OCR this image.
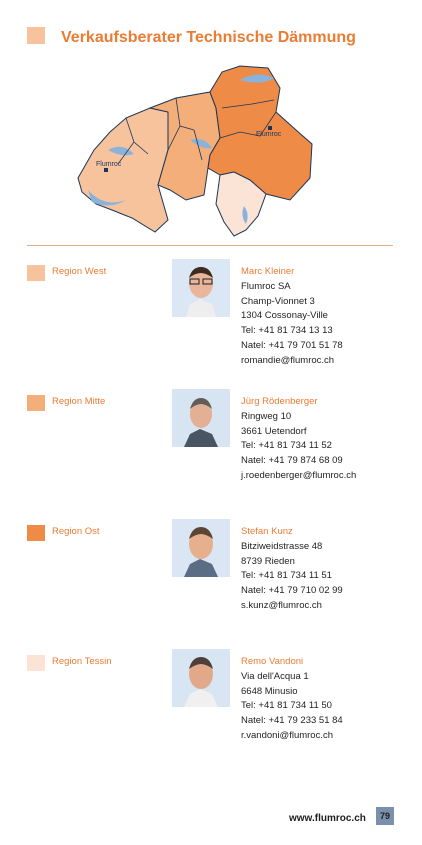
Verkaufsberater Technische Dämmung
Flumroc
Flumroc
Region West	Marc Kleiner
Flumroc SA
Champ-Vionnet 3
1304 Cossonay-Ville
Tel: +41 81 734 13 13
Natel: +41 79 701 51 78
romandie@flumroc.ch
Region Mitte	Jürg Rödenberger
Ringweg 10
3661 Uetendorf
Tel: +41 81 734 11 52
Natel: +41 79 874 68 09
j.roedenberger@flumroc.ch
Region Ost	Stefan Kunz
Bitziweidstrasse 48
8739 Rieden
Tel: +41 81 734 11 51
Natel: +41 79 710 02 99
s.kunz@flumroc.ch
Region Tessin	Remo Vandoni
Via dell'Acqua 1
6648 Minusio
Tel: +41 81 734 11 50
Natel: +41 79 233 51 84
r.vandoni@flumroc.ch
www.flumroc.ch	79
